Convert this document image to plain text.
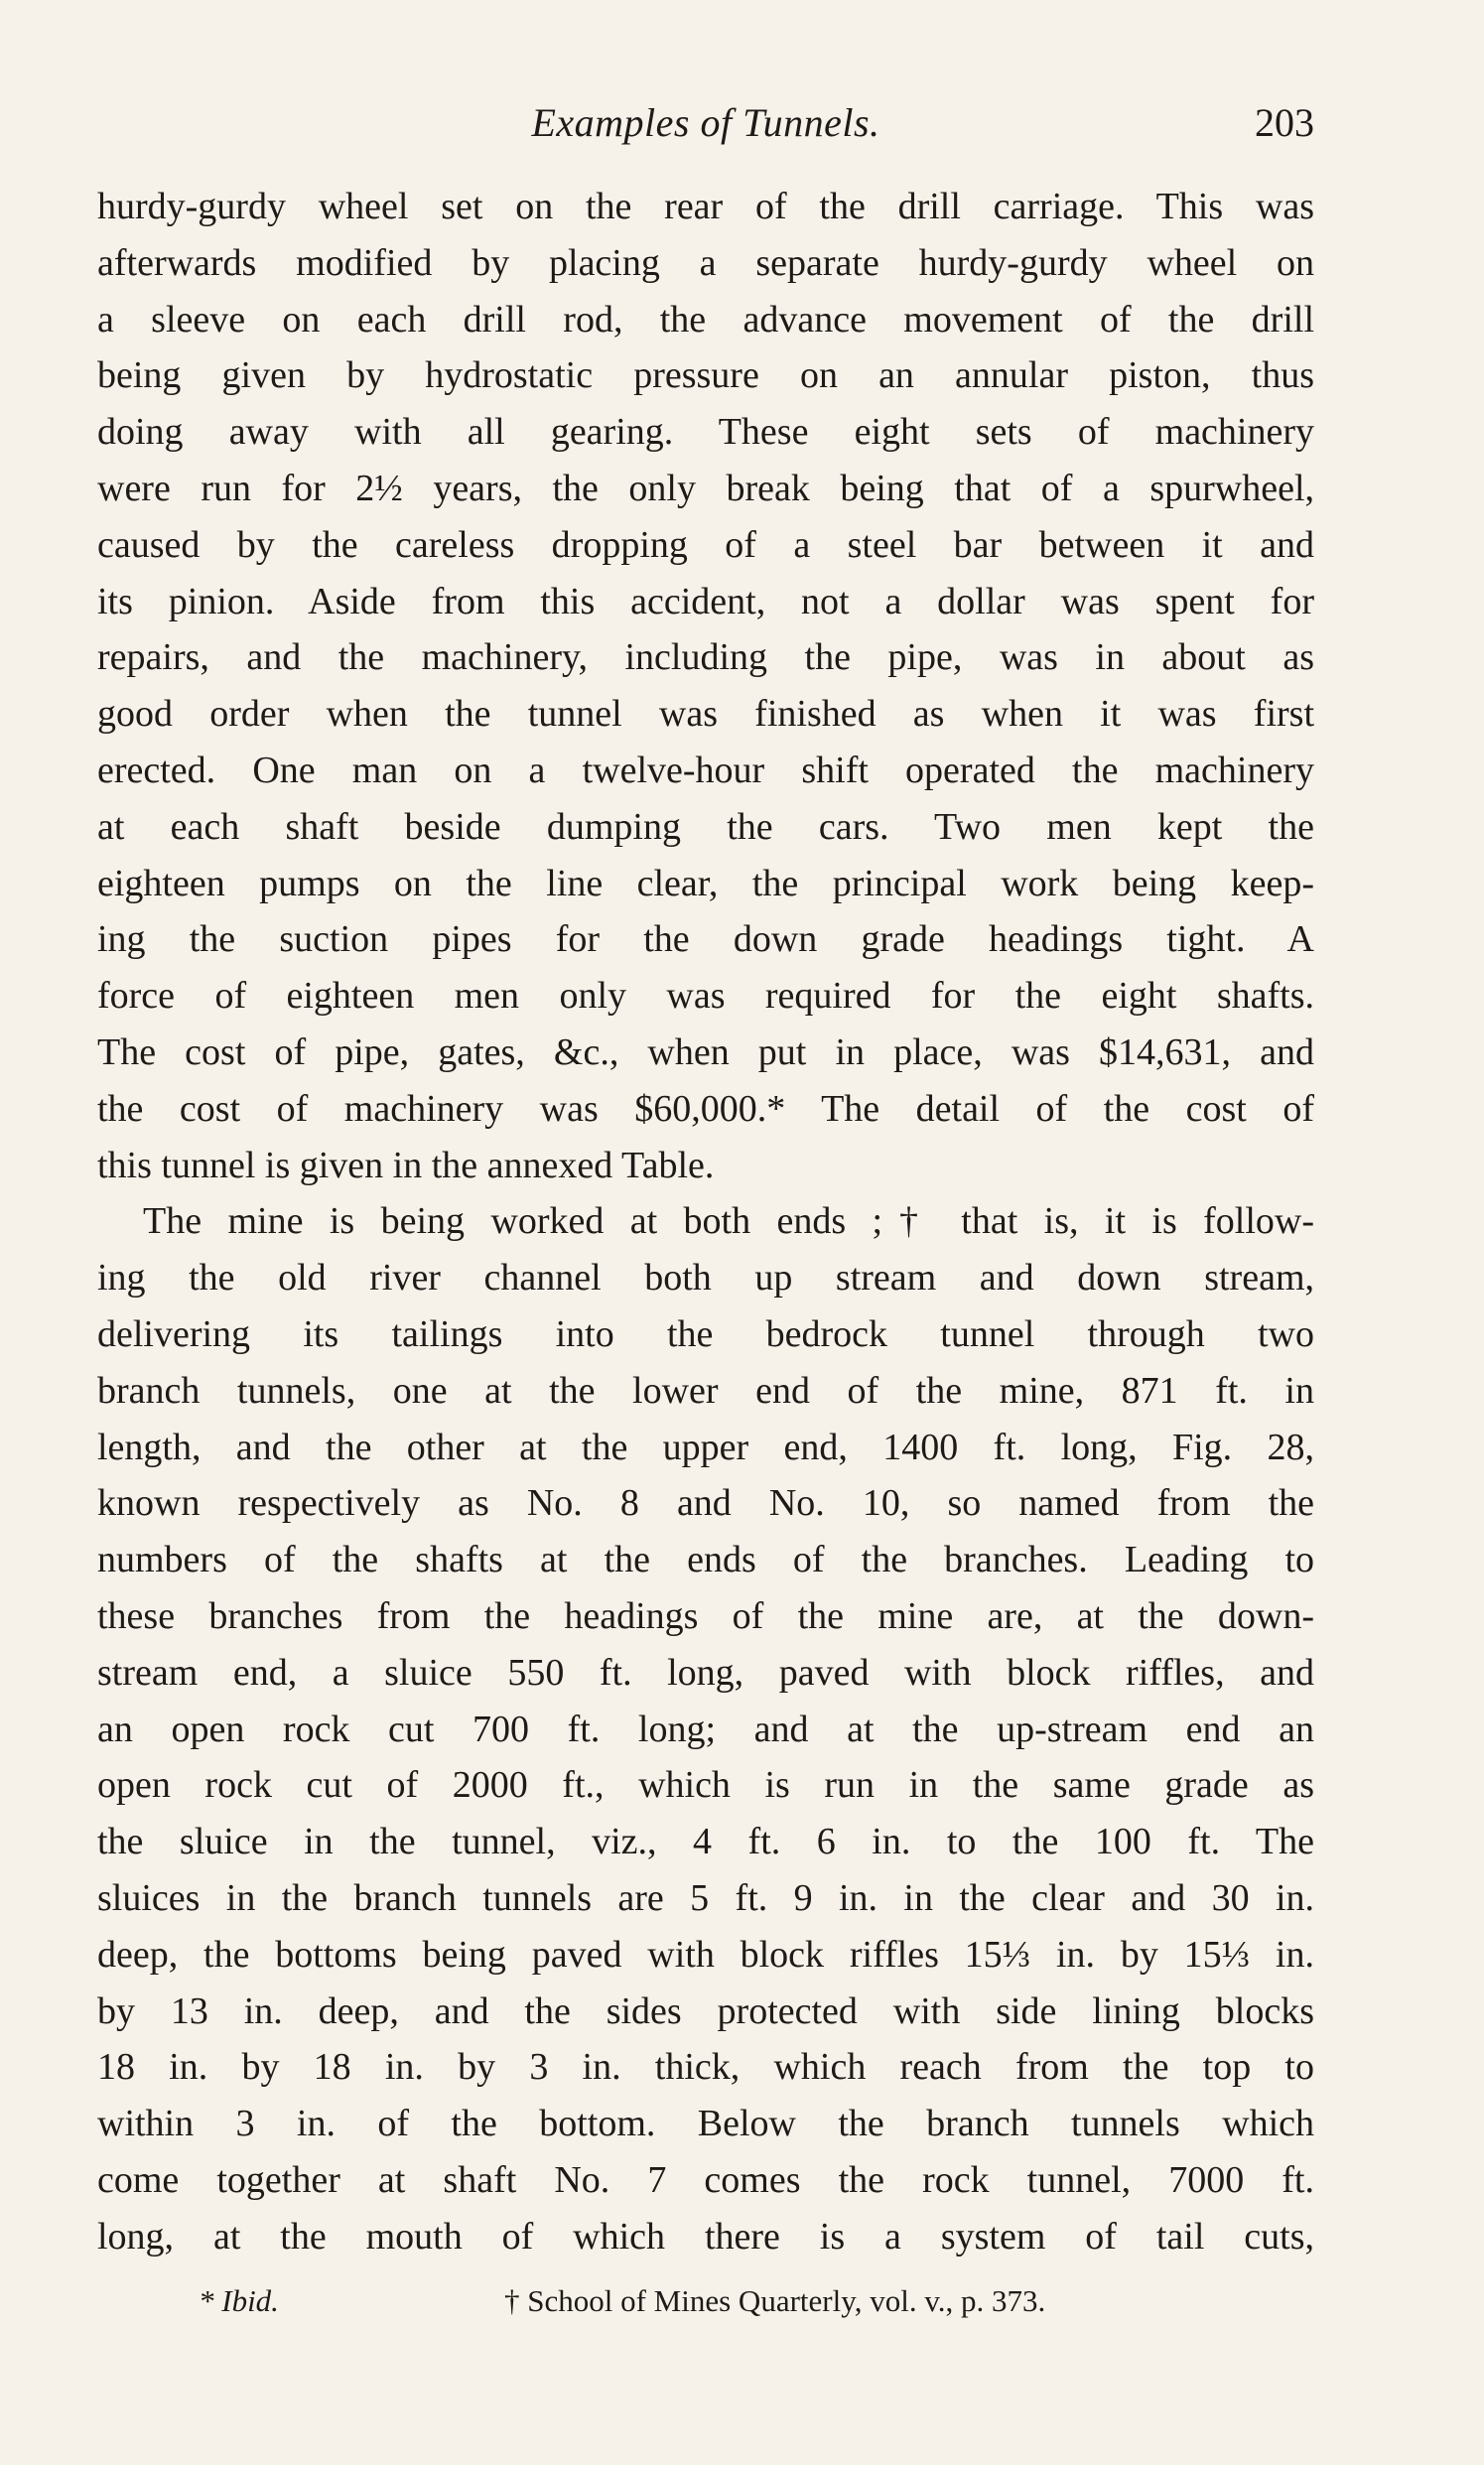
Examples of Tunnels.	203
hurdy-gurdy wheel set on the rear of the drill carriage. This was
afterwards modified by placing a separate hurdy-gurdy wheel on
a sleeve on each drill rod, the advance movement of the drill
being given by hydrostatic pressure on an annular piston, thus
doing away with all gearing. These eight sets of machinery
were run for 2½ years, the only break being that of a spurwheel,
caused by the careless dropping of a steel bar between it and
its pinion. Aside from this accident, not a dollar was spent for
repairs, and the machinery, including the pipe, was in about as
good order when the tunnel was finished as when it was first
erected. One man on a twelve-hour shift operated the machinery
at each shaft beside dumping the cars. Two men kept the
eighteen pumps on the line clear, the principal work being keep-
ing the suction pipes for the down grade headings tight. A
force of eighteen men only was required for the eight shafts.
The cost of pipe, gates, &c., when put in place, was $14,631, and
the cost of machinery was $60,000.* The detail of the cost of
this tunnel is given in the annexed Table.
The mine is being worked at both ends ;† that is, it is follow-
ing the old river channel both up stream and down stream,
delivering its tailings into the bedrock tunnel through two
branch tunnels, one at the lower end of the mine, 871 ft. in
length, and the other at the upper end, 1400 ft. long, Fig. 28,
known respectively as No. 8 and No. 10, so named from the
numbers of the shafts at the ends of the branches. Leading to
these branches from the headings of the mine are, at the down-
stream end, a sluice 550 ft. long, paved with block riffles, and
an open rock cut 700 ft. long; and at the up-stream end an
open rock cut of 2000 ft., which is run in the same grade as
the sluice in the tunnel, viz., 4 ft. 6 in. to the 100 ft. The
sluices in the branch tunnels are 5 ft. 9 in. in the clear and 30 in.
deep, the bottoms being paved with block riffles 15⅓ in. by 15⅓ in.
by 13 in. deep, and the sides protected with side lining blocks
18 in. by 18 in. by 3 in. thick, which reach from the top to
within 3 in. of the bottom. Below the branch tunnels which
come together at shaft No. 7 comes the rock tunnel, 7000 ft.
long, at the mouth of which there is a system of tail cuts,
* Ibid.	† School of Mines Quarterly, vol. v., p. 373.
